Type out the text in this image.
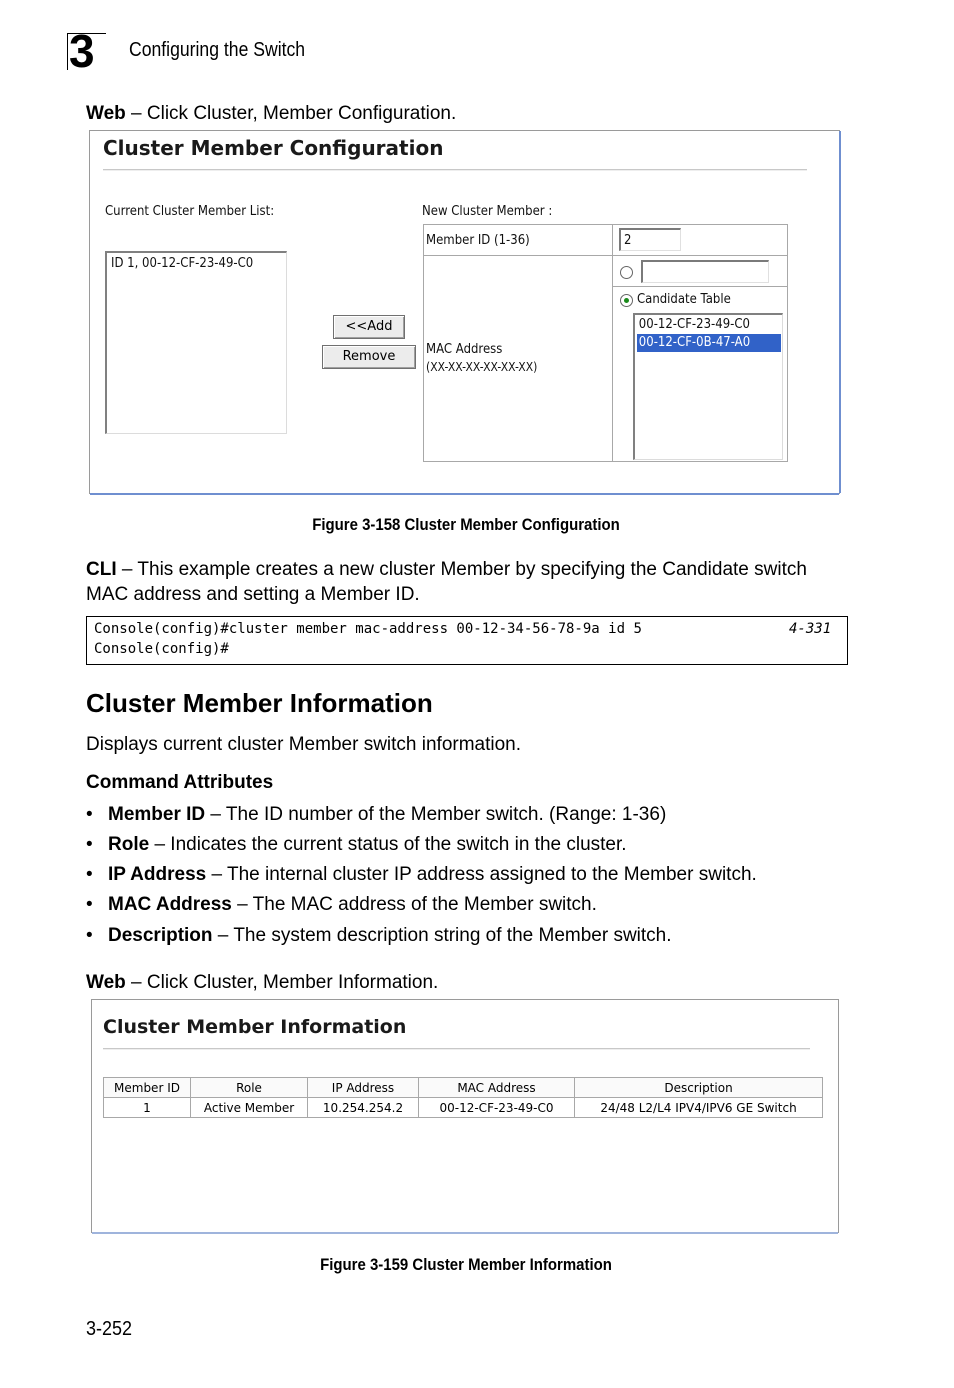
3 Configuring the Switch
Web – Click Cluster, Member Configuration.
Cluster Member Configuration
Current Cluster Member List:
ID 1, 00-12-CF-23-49-C0
<<Add
Remove
New Cluster Member :
Member ID (1-36)	2
MAC Address
(XX-XX-XX-XX-XX-XX)
Candidate Table
00-12-CF-23-49-C0
00-12-CF-0B-47-A0
Figure 3-158 Cluster Member Configuration
CLI – This example creates a new cluster Member by specifying the Candidate switch MAC address and setting a Member ID.
Console(config)#cluster member mac-address 00-12-34-56-78-9a id 5	4-331
Console(config)#
Cluster Member Information
Displays current cluster Member switch information.
Command Attributes
• Member ID – The ID number of the Member switch. (Range: 1-36)
• Role – Indicates the current status of the switch in the cluster.
• IP Address – The internal cluster IP address assigned to the Member switch.
• MAC Address – The MAC address of the Member switch.
• Description – The system description string of the Member switch.
Web – Click Cluster, Member Information.
Cluster Member Information
Member ID	Role	IP Address	MAC Address	Description
1	Active Member	10.254.254.2	00-12-CF-23-49-C0	24/48 L2/L4 IPV4/IPV6 GE Switch
Figure 3-159 Cluster Member Information
3-252
